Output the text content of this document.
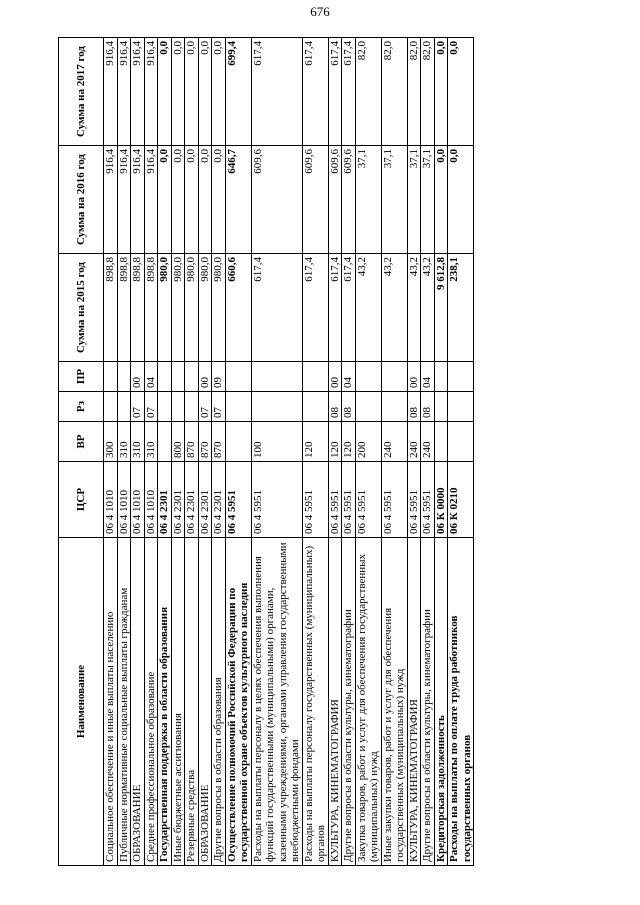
676
Наименование	ЦСР	ВР	Рз	ПР	Сумма на 2015 год	Сумма на 2016 год	Сумма на 2017 год
Социальное обеспечение и иные выплаты населению	06 4 1010	300			898,8	916,4	916,4
Публичные нормативные социальные выплаты гражданам	06 4 1010	310			898,8	916,4	916,4
ОБРАЗОВАНИЕ	06 4 1010	310	07	00	898,8	916,4	916,4
Среднее профессиональное образование	06 4 1010	310	07	04	898,8	916,4	916,4
Государственная поддержка в области образования	06 4 2301				980,0	0,0	0,0
Иные бюджетные ассигнования	06 4 2301	800			980,0	0,0	0,0
Резервные средства	06 4 2301	870			980,0	0,0	0,0
ОБРАЗОВАНИЕ	06 4 2301	870	07	00	980,0	0,0	0,0
Другие вопросы в области образования	06 4 2301	870	07	09	980,0	0,0	0,0
Осуществление полномочий Российской Федерации по государственной охране объектов культурного наследия	06 4 5951				660,6	646,7	699,4
Расходы на выплаты персоналу в целях обеспечения выполнения функций государственными (муниципальными) органами, казенными учреждениями, органами управления государственными внебюджетными фондами	06 4 5951	100			617,4	609,6	617,4
Расходы на выплаты персоналу государственных (муниципальных) органов	06 4 5951	120			617,4	609,6	617,4
КУЛЬТУРА, КИНЕМАТОГРАФИЯ	06 4 5951	120	08	00	617,4	609,6	617,4
Другие вопросы в области культуры, кинематографии	06 4 5951	120	08	04	617,4	609,6	617,4
Закупка товаров, работ и услуг для обеспечения государственных (муниципальных) нужд	06 4 5951	200			43,2	37,1	82,0
Иные закупки товаров, работ и услуг для обеспечения государственных (муниципальных) нужд	06 4 5951	240			43,2	37,1	82,0
КУЛЬТУРА, КИНЕМАТОГРАФИЯ	06 4 5951	240	08	00	43,2	37,1	82,0
Другие вопросы в области культуры, кинематографии	06 4 5951	240	08	04	43,2	37,1	82,0
Кредиторская задолженность	06 К 0000				9 612,8	0,0	0,0
Расходы на выплаты по оплате труда работников государственных органов	06 К 0210				238,1	0,0	0,0
